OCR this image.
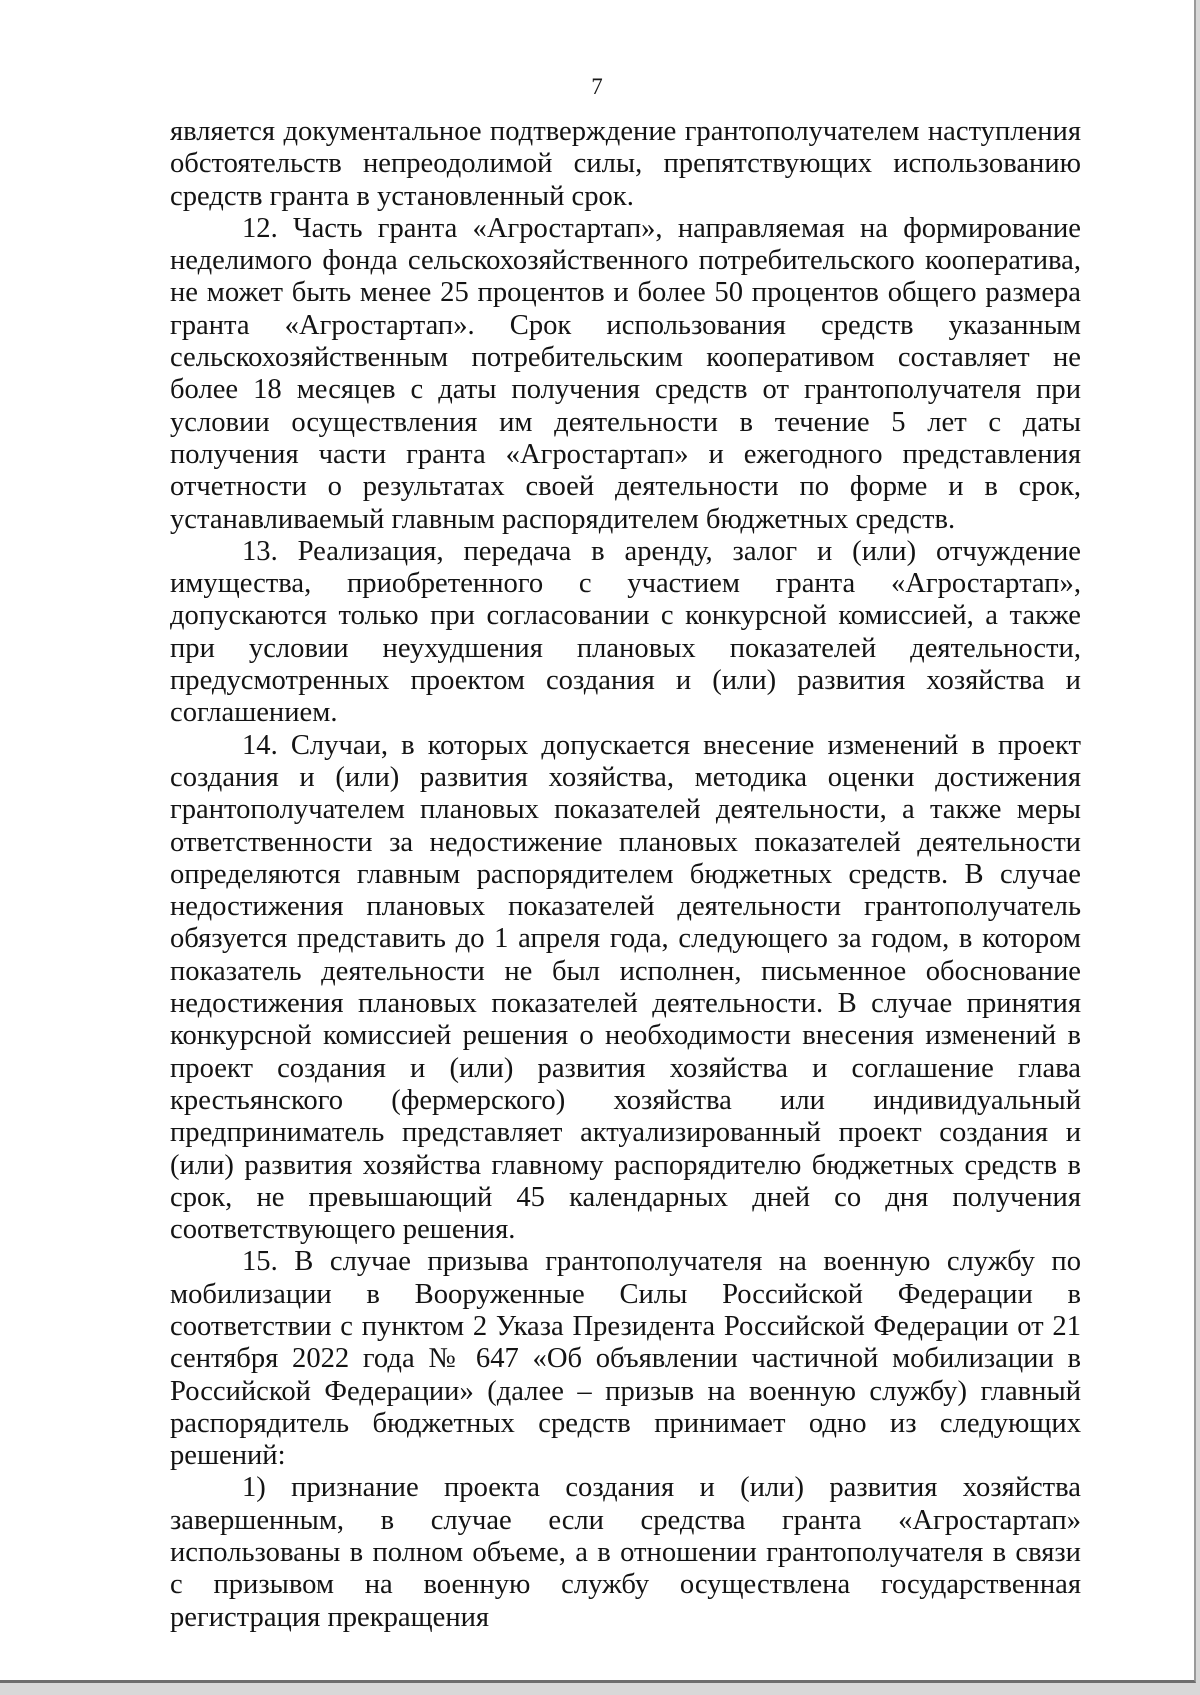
7

является документальное подтверждение грантополучателем наступления обстоятельств непреодолимой силы, препятствующих использованию средств гранта в установленный срок.

12. Часть гранта «Агростартап», направляемая на формирование неделимого фонда сельскохозяйственного потребительского кооператива, не может быть менее 25 процентов и более 50 процентов общего размера гранта «Агростартап». Срок использования средств указанным сельскохозяйственным потребительским кооперативом составляет не более 18 месяцев с даты получения средств от грантополучателя при условии осуществления им деятельности в течение 5 лет с даты получения части гранта «Агростартап» и ежегодного представления отчетности о результатах своей деятельности по форме и в срок, устанавливаемый главным распорядителем бюджетных средств.

13. Реализация, передача в аренду, залог и (или) отчуждение имущества, приобретенного с участием гранта «Агростартап», допускаются только при согласовании с конкурсной комиссией, а также при условии неухудшения плановых показателей деятельности, предусмотренных проектом создания и (или) развития хозяйства и соглашением.

14. Случаи, в которых допускается внесение изменений в проект создания и (или) развития хозяйства, методика оценки достижения грантополучателем плановых показателей деятельности, а также меры ответственности за недостижение плановых показателей деятельности определяются главным распорядителем бюджетных средств. В случае недостижения плановых показателей деятельности грантополучатель обязуется представить до 1 апреля года, следующего за годом, в котором показатель деятельности не был исполнен, письменное обоснование недостижения плановых показателей деятельности. В случае принятия конкурсной комиссией решения о необходимости внесения изменений в проект создания и (или) развития хозяйства и соглашение глава крестьянского (фермерского) хозяйства или индивидуальный предприниматель представляет актуализированный проект создания и (или) развития хозяйства главному распорядителю бюджетных средств в срок, не превышающий 45 календарных дней со дня получения соответствующего решения.

15. В случае призыва грантополучателя на военную службу по мобилизации в Вооруженные Силы Российской Федерации в соответствии с пунктом 2 Указа Президента Российской Федерации от 21 сентября 2022 года № 647 «Об объявлении частичной мобилизации в Российской Федерации» (далее – призыв на военную службу) главный распорядитель бюджетных средств принимает одно из следующих решений:

1) признание проекта создания и (или) развития хозяйства завершенным, в случае если средства гранта «Агростартап» использованы в полном объеме, а в отношении грантополучателя в связи с призывом на военную службу осуществлена государственная регистрация прекращения
